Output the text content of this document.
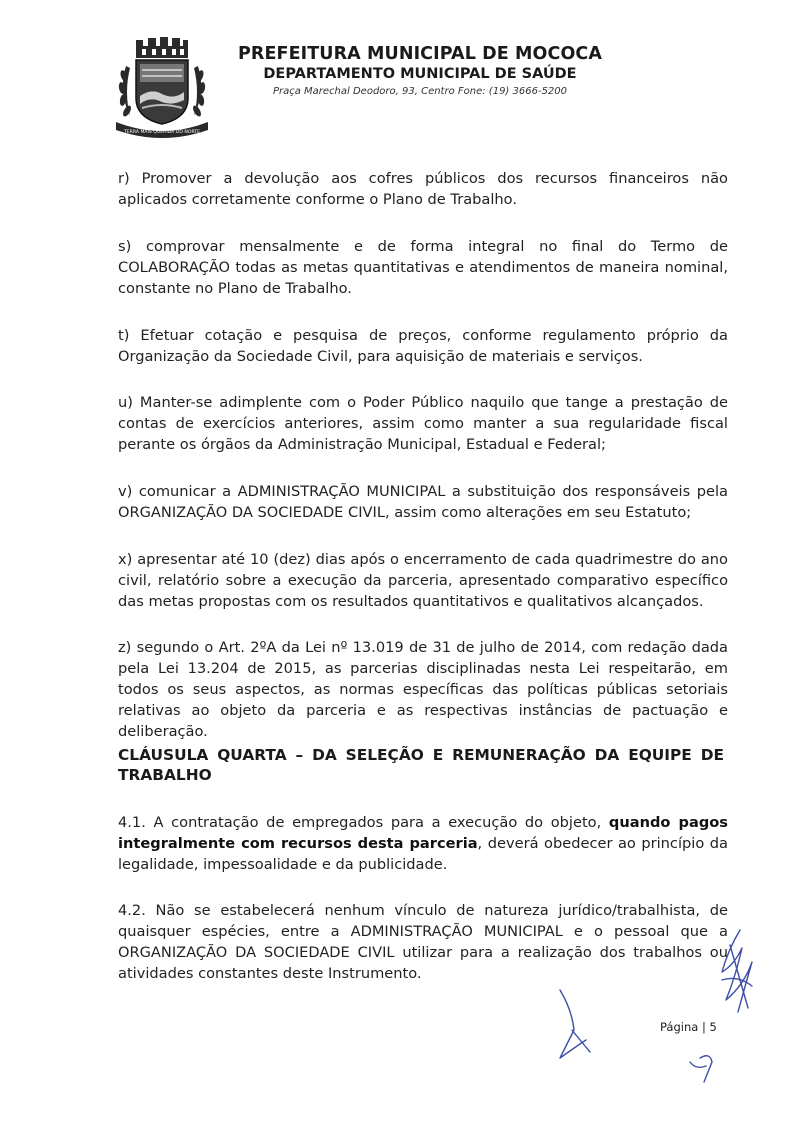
TERRA MAIS QUERIDA DO NORTE
PREFEITURA MUNICIPAL DE MOCOCA
DEPARTAMENTO MUNICIPAL DE SAÚDE
Praça Marechal Deodoro, 93, Centro Fone: (19) 3666-5200
r) Promover a devolução aos cofres públicos dos recursos financeiros não aplicados corretamente conforme o Plano de Trabalho.
s) comprovar mensalmente e de forma integral no final do Termo de COLABORAÇÃO todas as metas quantitativas e atendimentos de maneira nominal, constante no Plano de Trabalho.
t) Efetuar cotação e pesquisa de preços, conforme regulamento próprio da Organização da Sociedade Civil, para aquisição de materiais e serviços.
u) Manter-se adimplente com o Poder Público naquilo que tange a prestação de contas de exercícios anteriores, assim como manter a sua regularidade fiscal perante os órgãos da Administração Municipal, Estadual e Federal;
v) comunicar a ADMINISTRAÇÃO MUNICIPAL a substituição dos responsáveis pela ORGANIZAÇÃO DA SOCIEDADE CIVIL, assim como alterações em seu Estatuto;
x) apresentar até 10 (dez) dias após o encerramento de cada quadrimestre do ano civil, relatório sobre a execução da parceria, apresentado comparativo específico das metas propostas com os resultados quantitativos e qualitativos alcançados.
z) segundo o Art. 2ºA da Lei nº 13.019 de 31 de julho de 2014, com redação dada pela Lei 13.204 de 2015, as parcerias disciplinadas nesta Lei respeitarão, em todos os seus aspectos, as normas específicas das políticas públicas setoriais relativas ao objeto da parceria e as respectivas instâncias de pactuação e deliberação.
CLÁUSULA QUARTA – DA SELEÇÃO E REMUNERAÇÃO DA EQUIPE DE
TRABALHO
4.1. A contratação de empregados para a execução do objeto, quando pagos integralmente com recursos desta parceria, deverá obedecer ao princípio da legalidade, impessoalidade e da publicidade.
4.2. Não se estabelecerá nenhum vínculo de natureza jurídico/trabalhista, de quaisquer espécies, entre a ADMINISTRAÇÃO MUNICIPAL e o pessoal que a ORGANIZAÇÃO DA SOCIEDADE CIVIL utilizar para a realização dos trabalhos ou atividades constantes deste Instrumento.
Página | 5
